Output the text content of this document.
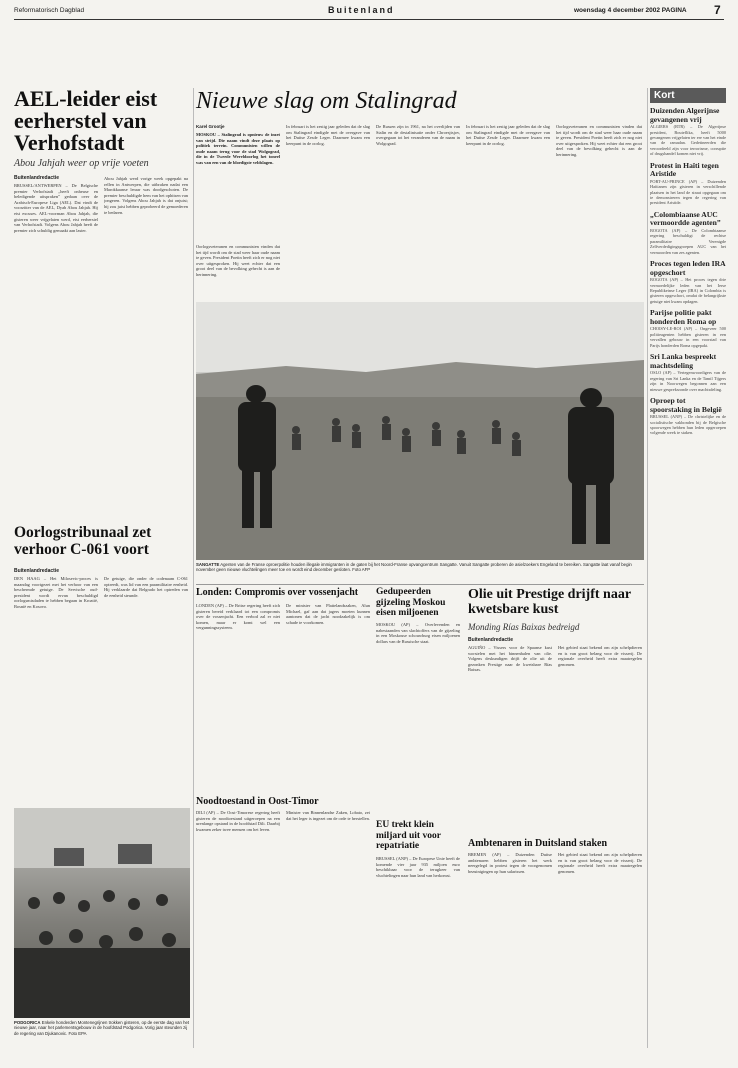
Reformatorisch Dagblad	Buitenland	woensdag 4 december 2002 PAGINA 7
AEL-leider eist eerherstel van Verhofstadt
Abou Jahjah weer op vrije voeten
Buitenlandredactie
BRUSSEL/ANTWERPEN – De Belgische premier Verhofstadt „heeft onheuse en beledigende uitspraken” gedaan over de Arabisch-Europese Liga (AEL). Dat vindt de voorzitter van de AEL, Dyab Abou Jahjah. Hij eist excuses. AEL-voorman Abou Jahjah, die gisteren weer vrijgelaten werd, eist eerherstel van Verhofstadt. Volgens Abou Jahjah heeft de premier zich schuldig gemaakt aan laster.
Abou Jahjah werd vorige week opgepakt na rellen in Antwerpen, die uitbraken nadat een Marokkaanse leraar was doodgeschoten. De premier beschuldigde hem van het ophitsen van jongeren. Volgens Abou Jahjah is dat onjuist; hij zou juist hebben geprobeerd de gemoederen te bedaren.
Nieuwe slag om Stalingrad
Karel Grootje
MOSKOU – Stalingrad is opnieuw de inzet van strijd. Die naam vindt deze plaats op politiek terrein. Communisten willen de oude naam terug voor de stad Wolgograd, die in de Tweede Wereldoorlog het toneel was van een van de bloedigste veldslagen.
Oorlogsveteranen en communisten vinden dat het tijd wordt om de stad weer haar oude naam te geven. President Poetin heeft zich er nog niet over uitgesproken. Hij weet echter dat een groot deel van de bevolking gehecht is aan de herinnering.
In februari is het zestig jaar geleden dat de slag om Stalingrad eindigde met de overgave van het Duitse Zesde Leger. Daarmee kwam een keerpunt in de oorlog.
De Russen zijn in 1961, na het overlijden van Stalin en de destalinisatie onder Chroesjtsjov, overgegaan tot het veranderen van de naam in Wolgograd.
In februari is het zestig jaar geleden dat de slag om Stalingrad eindigde met de overgave van het Duitse Zesde Leger. Daarmee kwam een keerpunt in de oorlog.
Oorlogsveteranen en communisten vinden dat het tijd wordt om de stad weer haar oude naam te geven. President Poetin heeft zich er nog niet over uitgesproken. Hij weet echter dat een groot deel van de bevolking gehecht is aan de herinnering.
SANGATTE Agenten van de Franse oproerpolitie houden illegale immigranten in de gaten bij het Noord-Franse opvangcentrum Sangatte. Vanuit Sangatte proberen de asielzoekers Engeland te bereiken. Sangatte laat vanaf begin november geen nieuwe vluchtelingen meer toe en wordt eind december gesloten. Foto AFP
Oorlogstribunaal zet verhoor C-061 voort
Buitenlandredactie
DEN HAAG – Het Milosevic-proces is maandag voortgezet met het verhoor van een beschermde getuige. De Servische oud-president wordt ervan beschuldigd oorlogsmisdaden te hebben begaan in Kroatië, Bosnië en Kosovo.
De getuige, die onder de codenaam C-061 optreedt, was lid van een paramilitaire eenheid. Hij verklaarde dat Belgrado het optreden van de eenheid steunde.
PODGORICA Enkele honderden Montenegrijnen trokken gisteren, op de eerste dag van het nieuwe jaar, naar het parlementsgebouw in de hoofdstad Podgorica. Vorig jaar steunden zij de regering van Djukanovic. Foto EPA
Londen: Compromis over vossenjacht
LONDEN (AP) – De Britse regering heeft zich gisteren bereid verklaard tot een compromis over de vossenjacht. Een verbod zal er niet komen, maar er komt wel een vergunningssysteem.
De minister van Plattelandszaken, Alun Michael, gaf aan dat jagers moeten kunnen aantonen dat de jacht noodzakelijk is om schade te voorkomen.
Noodtoestand in Oost-Timor
DILI (AP) – De Oost-Timorese regering heeft gisteren de noodtoestand uitgeroepen na een urenlange opstand in de hoofdstad Dili. Daarbij kwamen zeker twee mensen om het leven.
Minister van Binnenlandse Zaken, Lobato, zei dat het leger is ingezet om de orde te herstellen.
Gedupeerden gijzeling Moskou eisen miljoenen
MOSKOU (AP) – Overlevenden en nabestaanden van slachtoffers van de gijzeling in een Moskouse schouwburg eisen miljoenen dollars van de Russische staat.
EU trekt klein miljard uit voor repatriatie
BRUSSEL (ANP) – De Europese Unie heeft de komende vier jaar 935 miljoen euro beschikbaar voor de terugkeer van vluchtelingen naar hun land van herkomst.
Olie uit Prestige drijft naar kwetsbare kust
Monding Rías Baixas bedreigd
Buitenlandredactie
AGUIÑO – Vissers voor de Spaanse kust worstelen met het binnenhalen van olie. Volgens deskundigen drijft de olie uit de gezonken Prestige naar de kwetsbare Rías Baixas.
Het gebied staat bekend om zijn schelpdieren en is van groot belang voor de visserij. De regionale overheid heeft extra maatregelen genomen.
Ambtenaren in Duitsland staken
BREMEN (AP) – Duizenden Duitse ambtenaren hebben gisteren het werk neergelegd in protest tegen de voorgenomen bezuinigingen op hun salarissen.
Het gebied staat bekend om zijn schelpdieren en is van groot belang voor de visserij. De regionale overheid heeft extra maatregelen genomen.
Kort

Duizenden Algerijnse gevangenen vrij

ALGIERS (RTR) – De Algerijnse president, Bouteflika, heeft 5000 gevangenen vrijgelaten ter ere van het einde van de ramadan. Gedetineerden die veroordeeld zijn voor terrorisme, corruptie of drugshandel komen niet vrij.

Protest in Haïti tegen Aristide

PORT-AU-PRINCE (AP) – Duizenden Haïtianen zijn gisteren in verschillende plaatsen in het land de straat opgegaan om te demonstreren tegen de regering van president Aristide.

„Colombiaanse AUC vermoordde agenten”

BOGOTA (AP) – De Colombiaanse regering beschuldigt de rechtse paramilitaire Verenigde Zelfverdedigingsgroepen AUC van het vermoorden van zes agenten.

Proces tegen leden IRA opgeschort

BOGOTA (AP) – Het proces tegen drie vermoedelijke leden van het Ierse Republikeinse Leger (IRA) in Colombia is gisteren opgeschort, omdat de belangrijkste getuige niet kwam opdagen.

Parijse politie pakt honderden Roma op

CHOISY-LE-ROI (AP) – Ongeveer 500 politieagenten hebben gisteren in een vervallen gebouw in een voorstad van Parijs honderden Roma opgepakt.

Sri Lanka bespreekt machtsdeling

OSLO (AP) – Vertegenwoordigers van de regering van Sri Lanka en de Tamil Tijgers zijn in Noorwegen begonnen aan een nieuwe gespreksronde over machtsdeling.

Oproep tot spoorstaking in België

BRUSSEL (ANP) – De christelijke en de socialistische vakbonden bij de Belgische spoorwegen hebben hun leden opgeroepen volgende week te staken.
